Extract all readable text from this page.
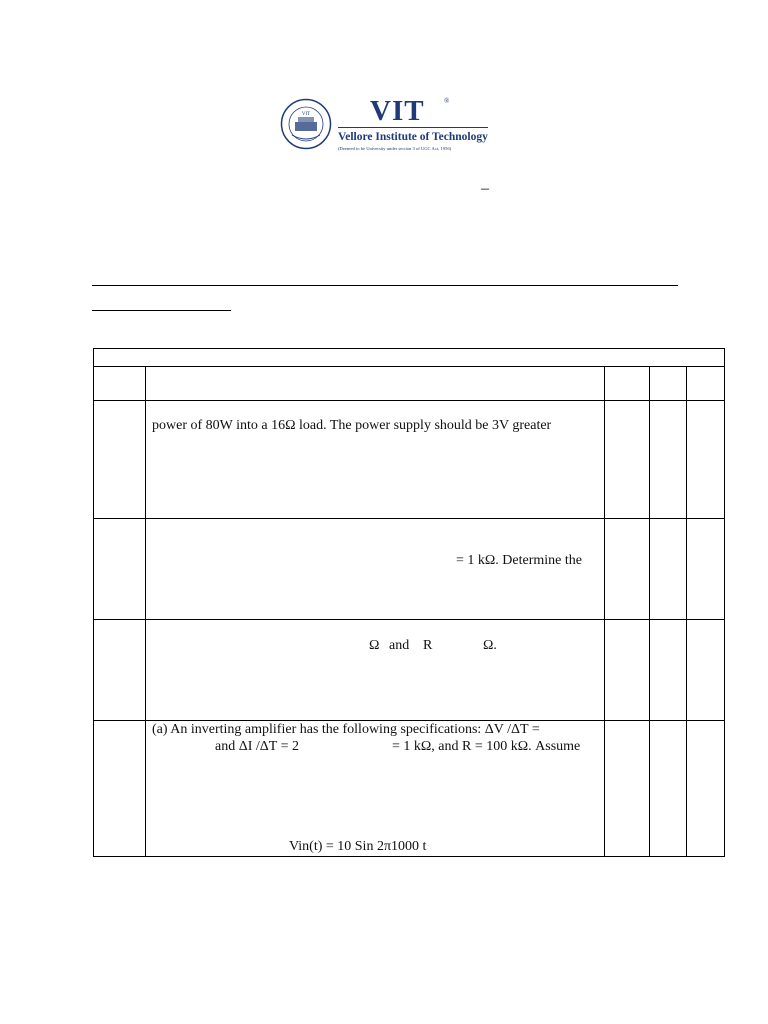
VIT VIT	®
Vellore Institute of Technology
(Deemed to be University under section 3 of UGC Act, 1956)
–
power of 80W into a 16Ω load. The power supply should be 3V greater
= 1 kΩ. Determine the
Ω and R	Ω.
(a) An inverting amplifier has the following specifications: ΔV /ΔT =
and ΔI /ΔT = 2	= 1 kΩ, and R = 100 kΩ. Assume
Vin(t) = 10 Sin 2π1000 t
